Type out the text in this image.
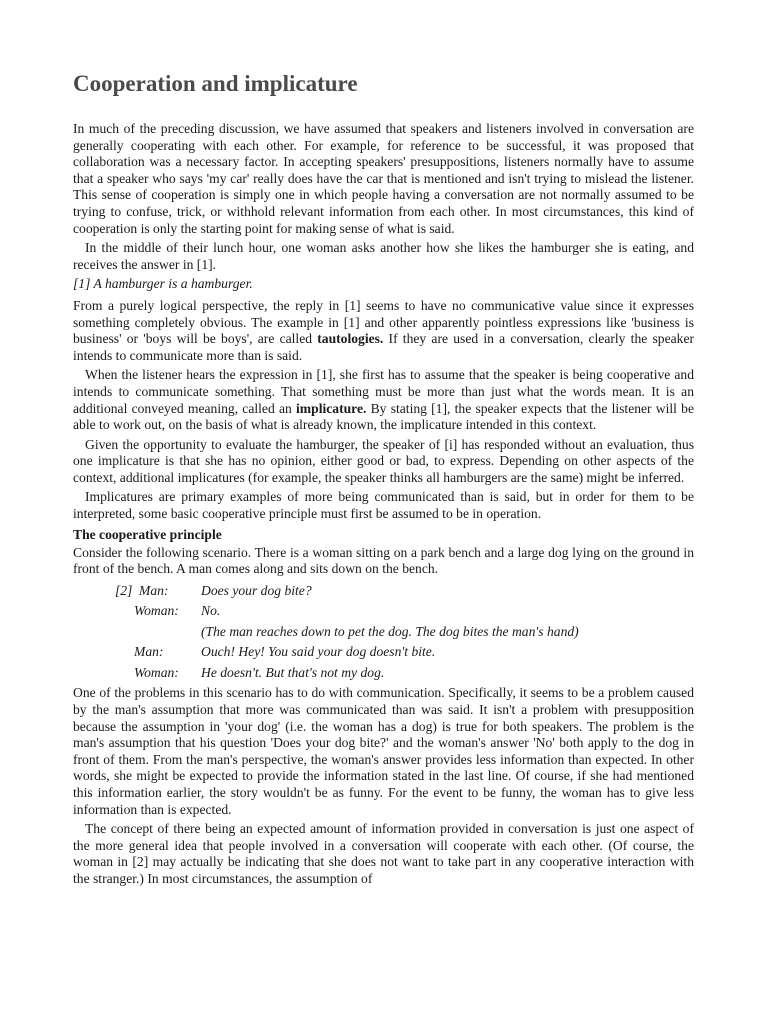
Cooperation and implicature

In much of the preceding discussion, we have assumed that speakers and listeners involved in conversation are generally cooperating with each other. For example, for reference to be successful, it was proposed that collaboration was a necessary factor. In accepting speakers' presuppositions, listeners normally have to assume that a speaker who says 'my car' really does have the car that is mentioned and isn't trying to mislead the listener. This sense of cooperation is simply one in which people having a conversation are not normally assumed to be trying to confuse, trick, or withhold relevant information from each other. In most circumstances, this kind of cooperation is only the starting point for making sense of what is said.

In the middle of their lunch hour, one woman asks another how she likes the hamburger she is eating, and receives the answer in [1].

[1] A hamburger is a hamburger.

From a purely logical perspective, the reply in [1] seems to have no communicative value since it expresses something completely obvious. The example in [1] and other apparently pointless expressions like 'business is business' or 'boys will be boys', are called tautologies. If they are used in a conversation, clearly the speaker intends to communicate more than is said.

When the listener hears the expression in [1], she first has to assume that the speaker is being cooperative and intends to communicate something. That something must be more than just what the words mean. It is an additional conveyed meaning, called an implicature. By stating [1], the speaker expects that the listener will be able to work out, on the basis of what is already known, the implicature intended in this context.

Given the opportunity to evaluate the hamburger, the speaker of [i] has responded without an evaluation, thus one implicature is that she has no opinion, either good or bad, to express. Depending on other aspects of the context, additional implicatures (for example, the speaker thinks all hamburgers are the same) might be inferred.

Implicatures are primary examples of more being communicated than is said, but in order for them to be interpreted, some basic cooperative principle must first be assumed to be in operation.

The cooperative principle

Consider the following scenario. There is a woman sitting on a park bench and a large dog lying on the ground in front of the bench. A man comes along and sits down on the bench.

[2] Man: Does your dog bite?
Woman: No.
(The man reaches down to pet the dog. The dog bites the man's hand)
Man:	Ouch! Hey! You said your dog doesn't bite.
Woman: He doesn't. But that's not my dog.

One of the problems in this scenario has to do with communication. Specifically, it seems to be a problem caused by the man's assumption that more was communicated than was said. It isn't a problem with presupposition because the assumption in 'your dog' (i.e. the woman has a dog) is true for both speakers. The problem is the man's assumption that his question 'Does your dog bite?' and the woman's answer 'No' both apply to the dog in front of them. From the man's perspective, the woman's answer provides less information than expected. In other words, she might be expected to provide the information stated in the last line. Of course, if she had mentioned this information earlier, the story wouldn't be as funny. For the event to be funny, the woman has to give less information than is expected.

The concept of there being an expected amount of information provided in conversation is just one aspect of the more general idea that people involved in a conversation will cooperate with each other. (Of course, the woman in [2] may actually be indicating that she does not want to take part in any cooperative interaction with the stranger.) In most circumstances, the assumption of
